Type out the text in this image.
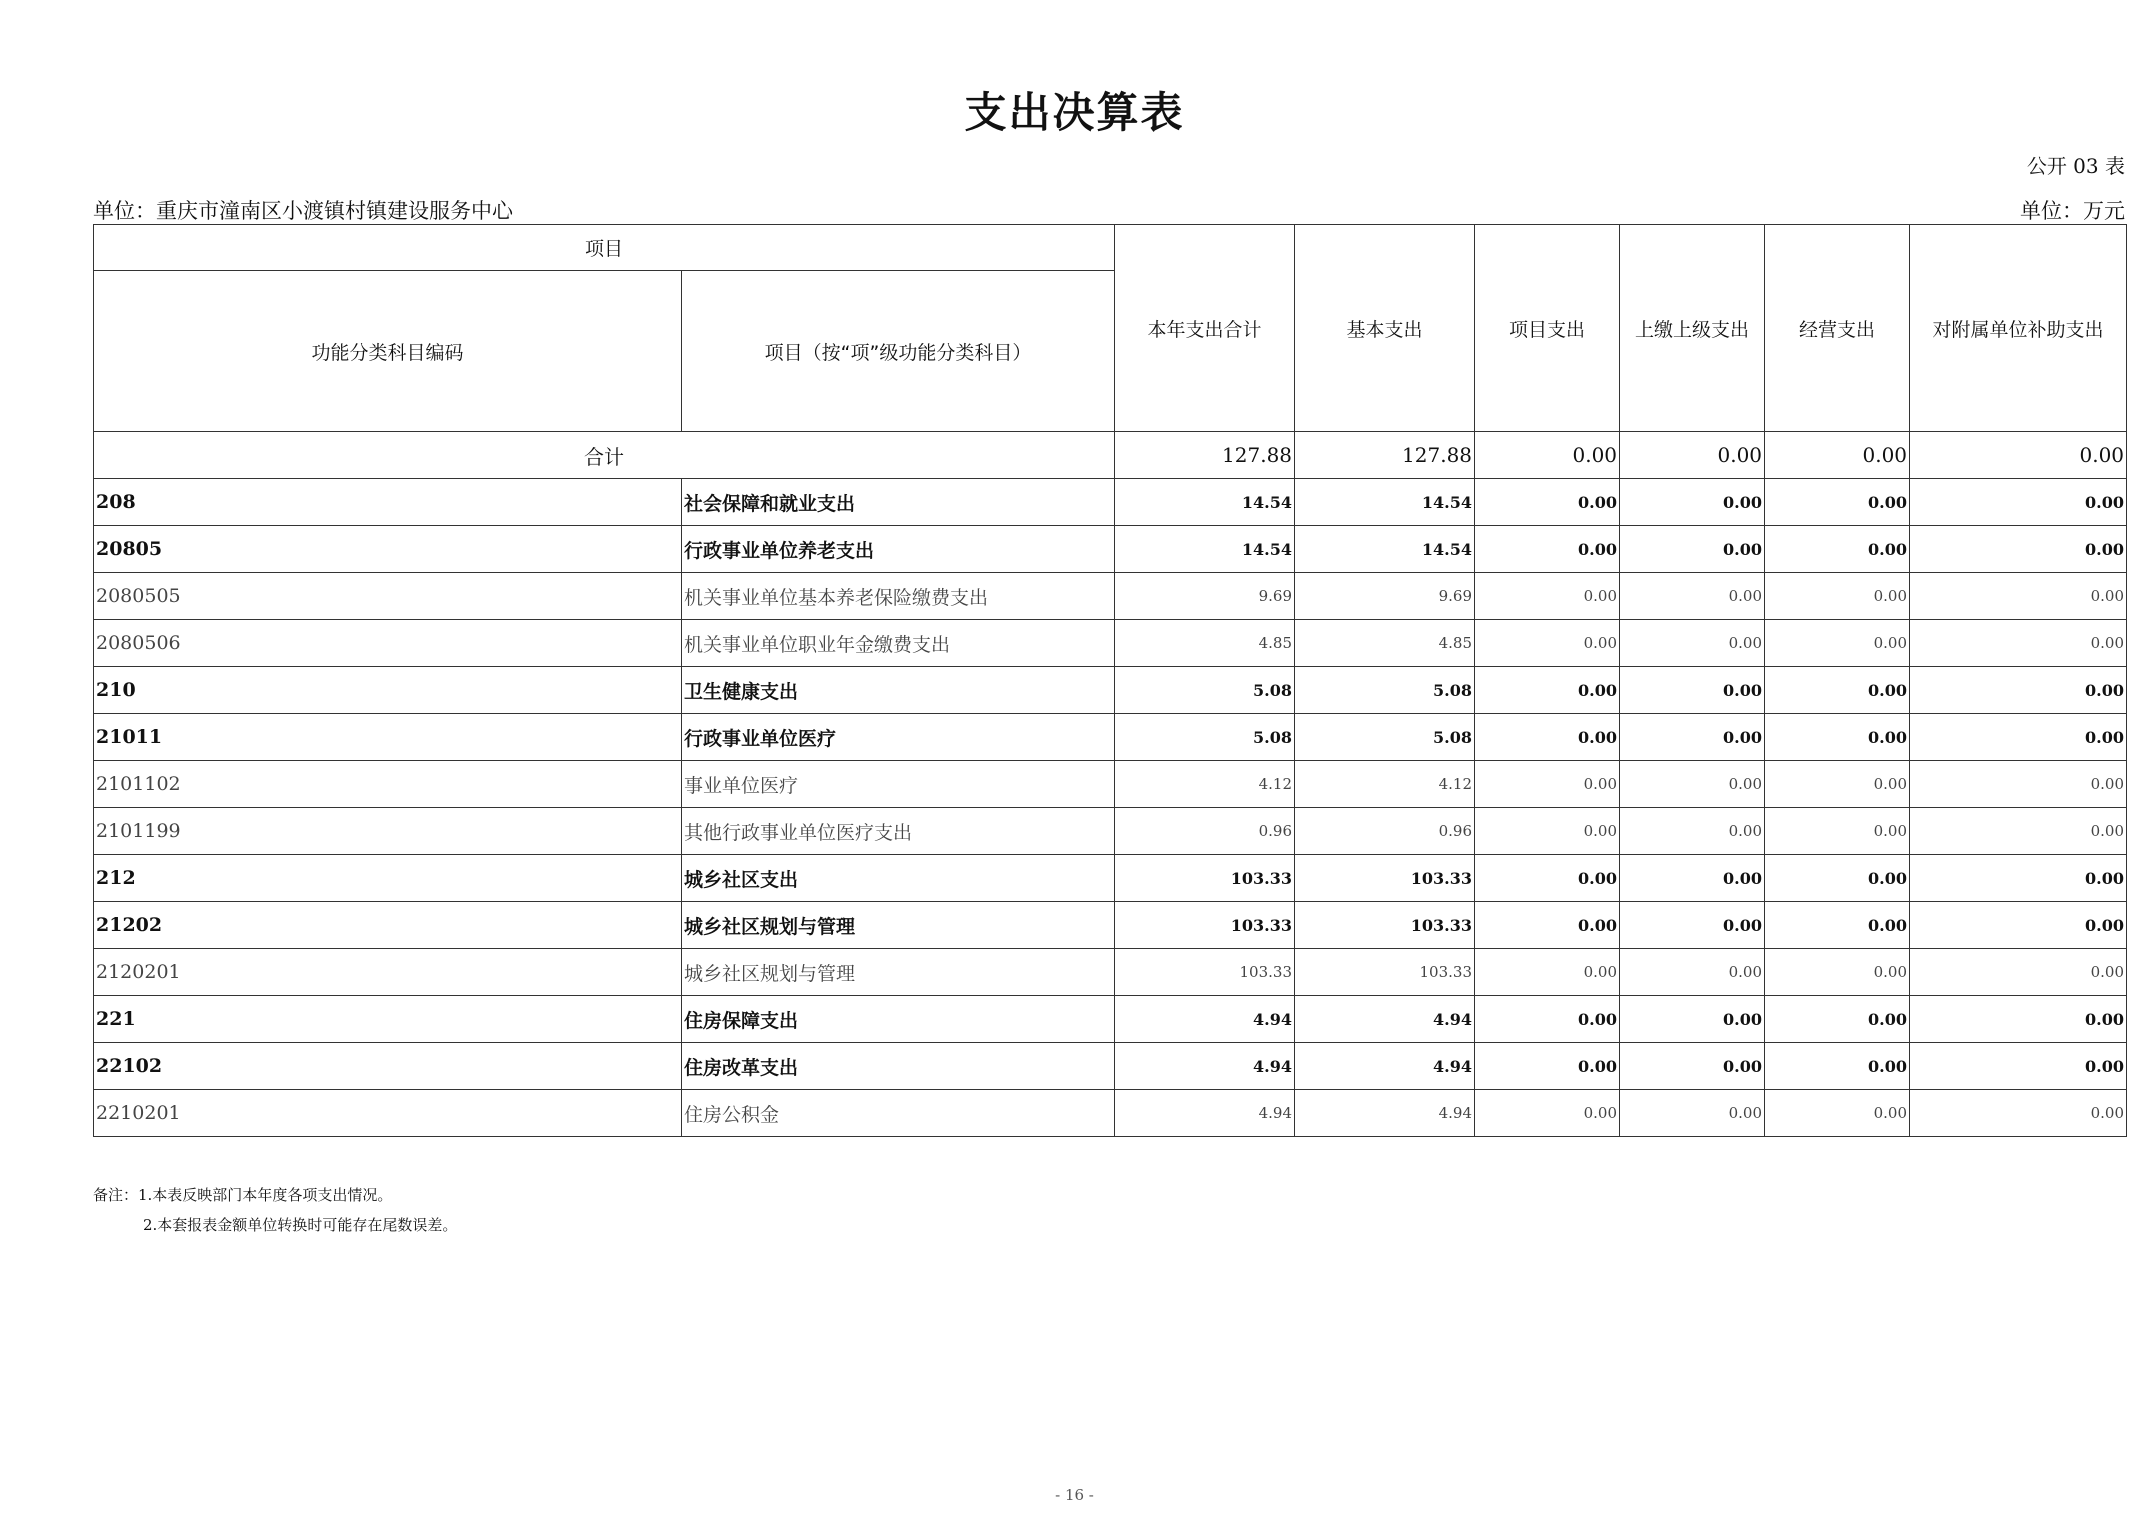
支出决算表
公开 03 表
单位：重庆市潼南区小渡镇村镇建设服务中心	单位：万元
项目		本年支出合计	基本支出	项目支出	上缴上级支出	经营支出	对附属单位补助支出
功能分类科目编码	项目（按“项”级功能分类科目）						
合计		127.88	127.88	0.00	0.00	0.00	0.00
208	社会保障和就业支出	14.54	14.54	0.00	0.00	0.00	0.00
20805	行政事业单位养老支出	14.54	14.54	0.00	0.00	0.00	0.00
2080505	机关事业单位基本养老保险缴费支出	9.69	9.69	0.00	0.00	0.00	0.00
2080506	机关事业单位职业年金缴费支出	4.85	4.85	0.00	0.00	0.00	0.00
210	卫生健康支出	5.08	5.08	0.00	0.00	0.00	0.00
21011	行政事业单位医疗	5.08	5.08	0.00	0.00	0.00	0.00
2101102	事业单位医疗	4.12	4.12	0.00	0.00	0.00	0.00
2101199	其他行政事业单位医疗支出	0.96	0.96	0.00	0.00	0.00	0.00
212	城乡社区支出	103.33	103.33	0.00	0.00	0.00	0.00
21202	城乡社区规划与管理	103.33	103.33	0.00	0.00	0.00	0.00
2120201	城乡社区规划与管理	103.33	103.33	0.00	0.00	0.00	0.00
221	住房保障支出	4.94	4.94	0.00	0.00	0.00	0.00
22102	住房改革支出	4.94	4.94	0.00	0.00	0.00	0.00
2210201	住房公积金	4.94	4.94	0.00	0.00	0.00	0.00
备注：1.本表反映部门本年度各项支出情况。
2.本套报表金额单位转换时可能存在尾数误差。
- 16 -
